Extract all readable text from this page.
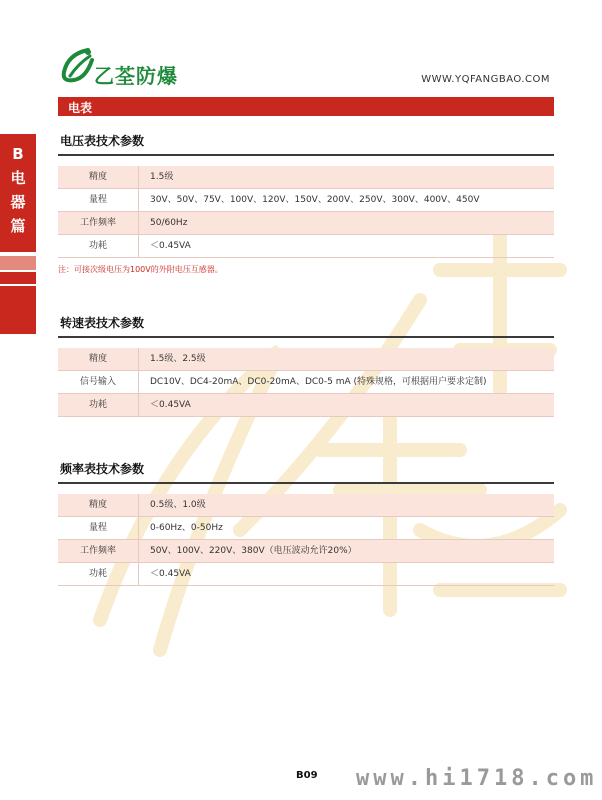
乙荃防爆	WWW.YQFANGBAO.COM
电表
B
电
器
篇
电压表技术参数
精度	1.5级
量程	30V、50V、75V、100V、120V、150V、200V、250V、300V、400V、450V
工作频率	50/60Hz
功耗	＜0.45VA
注：可接次级电压为100V的外附电压互感器。
转速表技术参数
精度	1.5级、2.5级
信号输入	DC10V、DC4-20mA、DC0-20mA、DC0-5 mA (特殊规格，可根据用户要求定制)
功耗	＜0.45VA
频率表技术参数
精度	0.5级、1.0级
量程	0-60Hz、0-50Hz
工作频率	50V、100V、220V、380V（电压波动允许20%）
功耗	＜0.45VA
B09 www.hi1718.com
